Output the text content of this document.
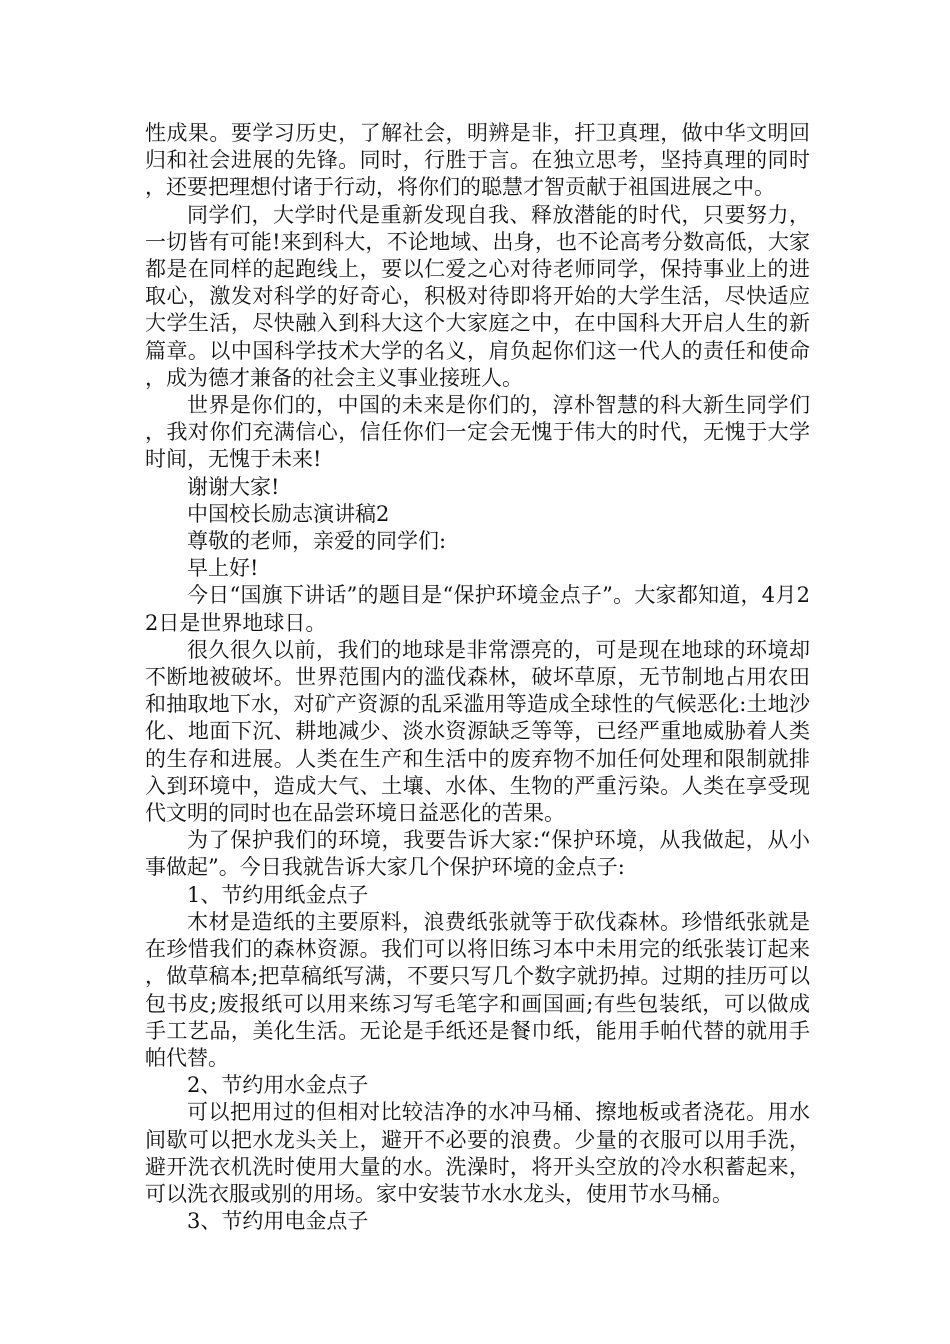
性成果。要学习历史，了解社会，明辨是非，扞卫真理，做中华文明回归和社会进展的先锋。同时，行胜于言。在独立思考，坚持真理的同时，还要把理想付诸于行动，将你们的聪慧才智贡献于祖国进展之中。

同学们，大学时代是重新发现自我、释放潜能的时代，只要努力，一切皆有可能!来到科大，不论地域、出身，也不论高考分数高低，大家都是在同样的起跑线上，要以仁爱之心对待老师同学，保持事业上的进取心，激发对科学的好奇心，积极对待即将开始的大学生活，尽快适应大学生活，尽快融入到科大这个大家庭之中，在中国科大开启人生的新篇章。以中国科学技术大学的名义，肩负起你们这一代人的责任和使命，成为德才兼备的社会主义事业接班人。

世界是你们的，中国的未来是你们的，淳朴智慧的科大新生同学们，我对你们充满信心，信任你们一定会无愧于伟大的时代，无愧于大学时间，无愧于未来!

谢谢大家!

中国校长励志演讲稿2

尊敬的老师，亲爱的同学们:

早上好!

今日“国旗下讲话”的题目是“保护环境金点子”。大家都知道，4月22日是世界地球日。

很久很久以前，我们的地球是非常漂亮的，可是现在地球的环境却不断地被破坏。世界范围内的滥伐森林，破坏草原，无节制地占用农田和抽取地下水，对矿产资源的乱采滥用等造成全球性的气候恶化:土地沙化、地面下沉、耕地减少、淡水资源缺乏等等，已经严重地威胁着人类的生存和进展。人类在生产和生活中的废弃物不加任何处理和限制就排入到环境中，造成大气、土壤、水体、生物的严重污染。人类在享受现代文明的同时也在品尝环境日益恶化的苦果。

为了保护我们的环境，我要告诉大家:“保护环境，从我做起，从小事做起”。今日我就告诉大家几个保护环境的金点子:

1、节约用纸金点子

木材是造纸的主要原料，浪费纸张就等于砍伐森林。珍惜纸张就是在珍惜我们的森林资源。我们可以将旧练习本中未用完的纸张装订起来，做草稿本;把草稿纸写满，不要只写几个数字就扔掉。过期的挂历可以包书皮;废报纸可以用来练习写毛笔字和画国画;有些包装纸，可以做成手工艺品，美化生活。无论是手纸还是餐巾纸，能用手帕代替的就用手帕代替。

2、节约用水金点子

可以把用过的但相对比较洁净的水冲马桶、擦地板或者浇花。用水间歇可以把水龙头关上，避开不必要的浪费。少量的衣服可以用手洗，避开洗衣机洗时使用大量的水。洗澡时，将开头空放的冷水积蓄起来，可以洗衣服或别的用场。家中安装节水水龙头，使用节水马桶。

3、节约用电金点子
